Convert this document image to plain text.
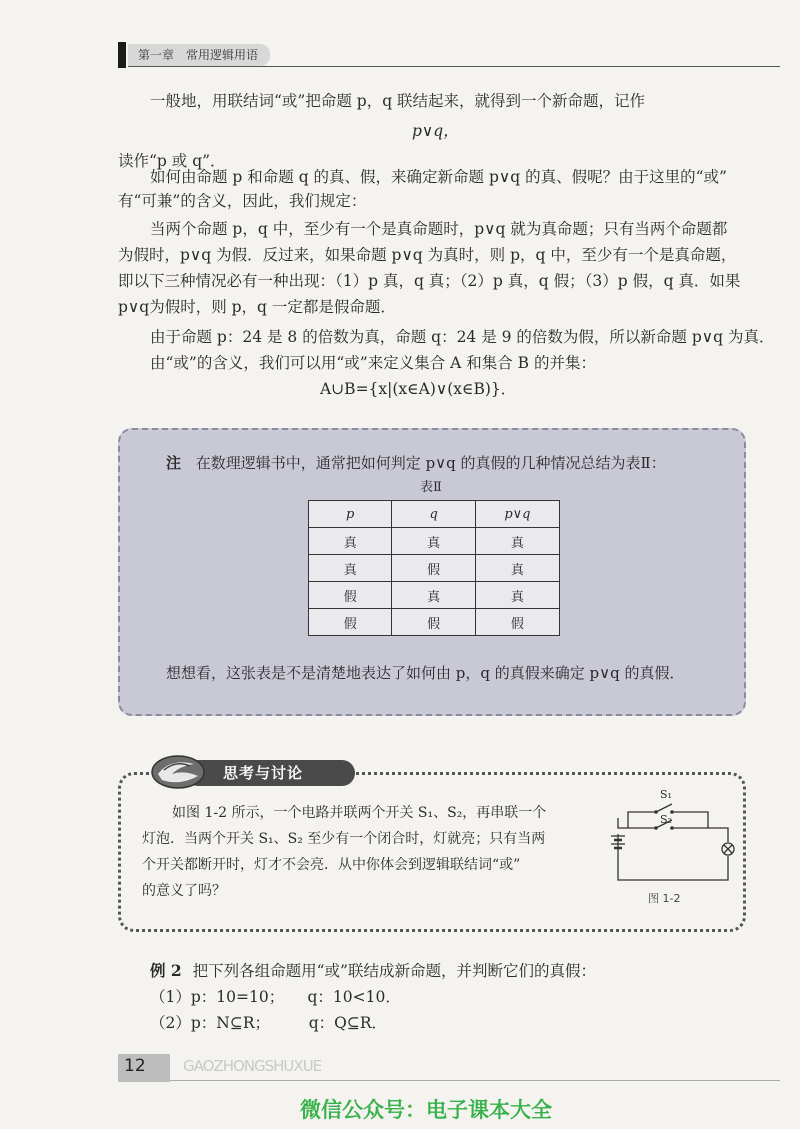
第一章　常用逻辑用语
一般地，用联结词“或”把命题 p，q 联结起来，就得到一个新命题，记作
p∨q，
读作“p 或 q”．
如何由命题 p 和命题 q 的真、假，来确定新命题 p∨q 的真、假呢？由于这里的“或”
有“可兼”的含义，因此，我们规定：
当两个命题 p，q 中，至少有一个是真命题时，p∨q 就为真命题；只有当两个命题都
为假时，p∨q 为假．反过来，如果命题 p∨q 为真时，则 p，q 中，至少有一个是真命题，
即以下三种情况必有一种出现：（1）p 真，q 真；（2）p 真，q 假；（3）p 假，q 真．如果
p∨q为假时，则 p，q 一定都是假命题．
由于命题 p：24 是 8 的倍数为真，命题 q：24 是 9 的倍数为假，所以新命题 p∨q 为真．
由“或”的含义，我们可以用“或”来定义集合 A 和集合 B 的并集：
A∪B={x|(x∈A)∨(x∈B)}．
注 在数理逻辑书中，通常把如何判定 p∨q 的真假的几种情况总结为表Ⅱ：
表Ⅱ
p	q	p∨q
真	真	真
真	假	真
假	真	真
假	假	假
想想看，这张表是不是清楚地表达了如何由 p，q 的真假来确定 p∨q 的真假．
思考与讨论
如图 1-2 所示，一个电路并联两个开关 S₁、S₂，再串联一个
灯泡．当两个开关 S₁、S₂ 至少有一个闭合时，灯就亮；只有当两
个开关都断开时，灯才不会亮．从中你体会到逻辑联结词“或”
的意义了吗？
S₁
S₂
图 1-2
例 2 把下列各组命题用“或”联结成新命题，并判断它们的真假：
（1）p：10=10；　　q：10<10．
（2）p：N⊆R；　　　q：Q⊆R．
12 GAOZHONGSHUXUE
微信公众号：电子课本大全
